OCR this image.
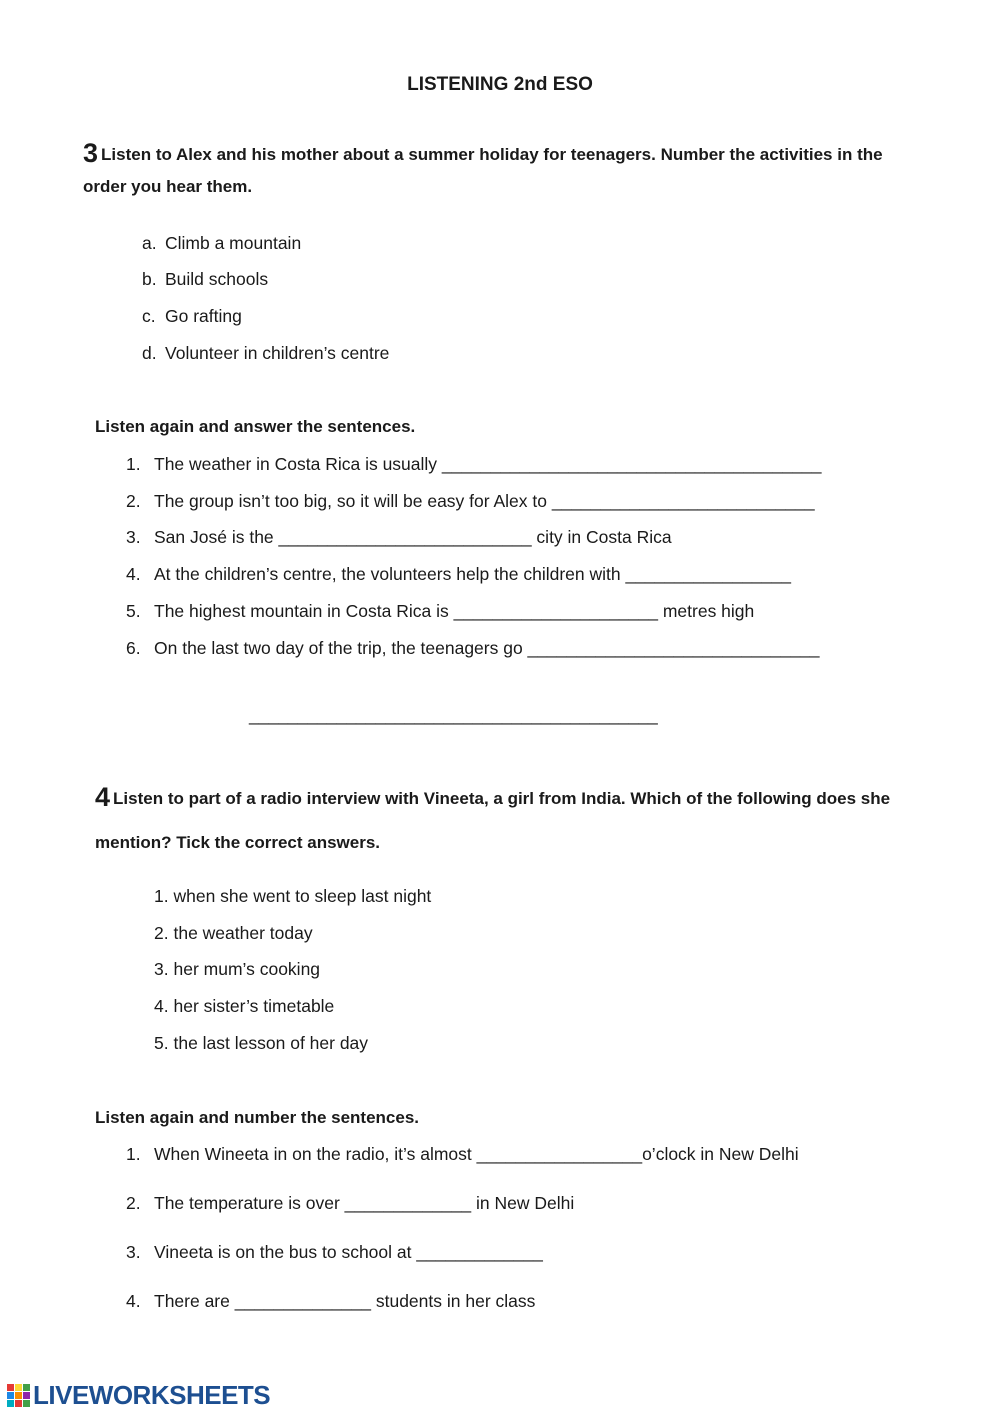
LISTENING 2nd ESO
3 Listen to Alex and his mother about a summer holiday for teenagers. Number the activities in the
order you hear them.
a. Climb a mountain
b. Build schools
c. Go rafting
d. Volunteer in children’s centre
Listen again and answer the sentences.
1. The weather in Costa Rica is usually _______________________________________
2. The group isn’t too big, so it will be easy for Alex to ___________________________
3. San José is the __________________________ city in Costa Rica
4. At the children’s centre, the volunteers help the children with _________________
5. The highest mountain in Costa Rica is _____________________ metres high
6. On the last two day of the trip, the teenagers go ______________________________
__________________________________________
4 Listen to part of a radio interview with Vineeta, a girl from India. Which of the following does she
mention? Tick the correct answers.
1. when she went to sleep last night
2. the weather today
3. her mum’s cooking
4. her sister’s timetable
5. the last lesson of her day
Listen again and number the sentences.
1. When Wineeta in on the radio, it’s almost _________________o’clock in New Delhi
2. The temperature is over _____________ in New Delhi
3. Vineeta is on the bus to school at _____________
4. There are ______________ students in her class
LIVEWORKSHEETS
